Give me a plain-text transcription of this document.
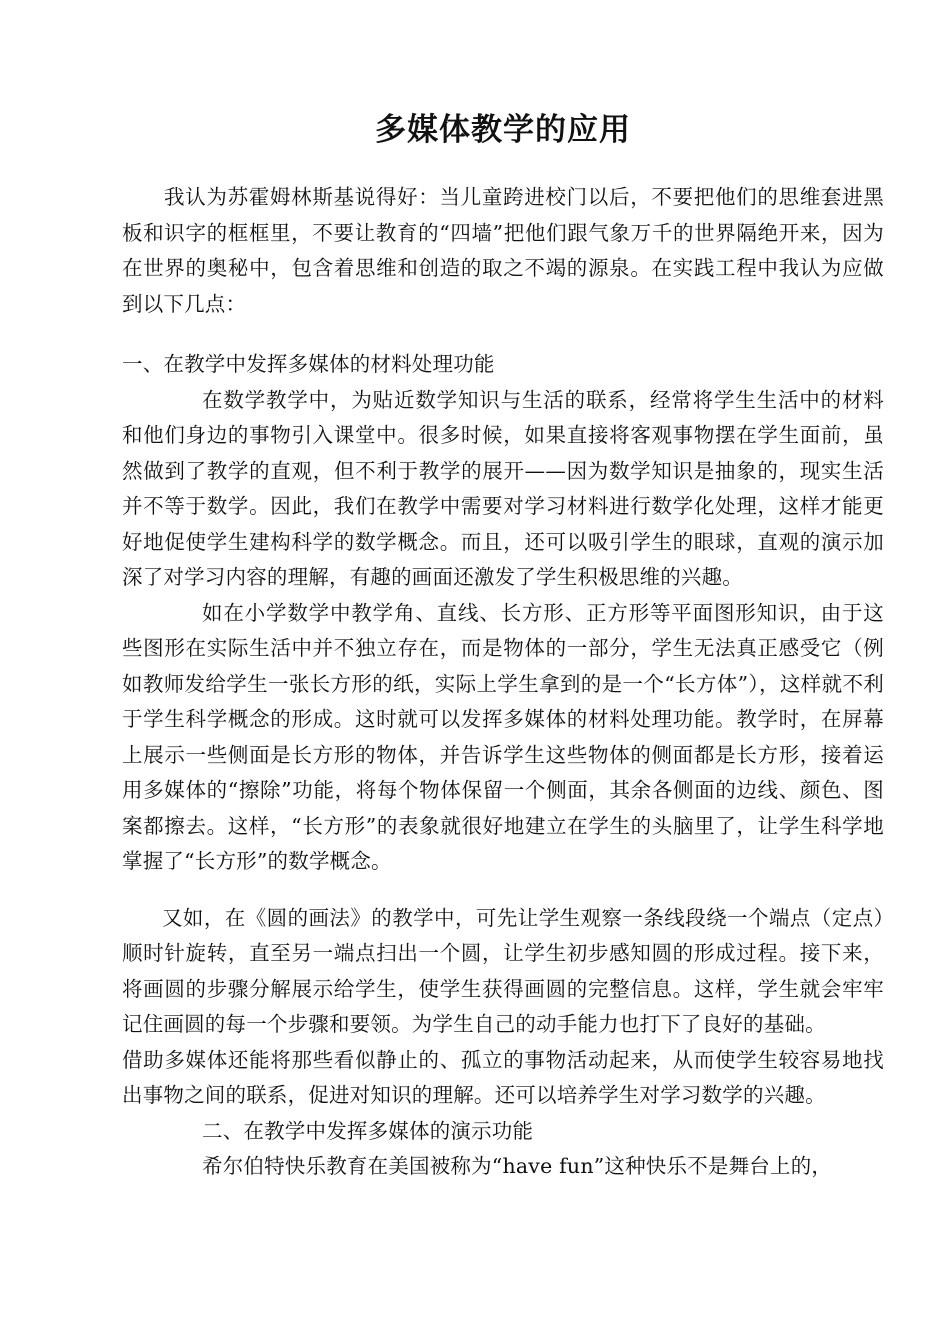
多媒体教学的应用

我认为苏霍姆林斯基说得好：当儿童跨进校门以后，不要把他们的思维套进黑板和识字的框框里，不要让教育的“四墙”把他们跟气象万千的世界隔绝开来，因为在世界的奥秘中，包含着思维和创造的取之不竭的源泉。在实践工程中我认为应做到以下几点：

一、在教学中发挥多媒体的材料处理功能

在数学教学中，为贴近数学知识与生活的联系，经常将学生生活中的材料和他们身边的事物引入课堂中。很多时候，如果直接将客观事物摆在学生面前，虽然做到了教学的直观，但不利于教学的展开——因为数学知识是抽象的，现实生活并不等于数学。因此，我们在教学中需要对学习材料进行数学化处理，这样才能更好地促使学生建构科学的数学概念。而且，还可以吸引学生的眼球，直观的演示加深了对学习内容的理解，有趣的画面还激发了学生积极思维的兴趣。

如在小学数学中教学角、直线、长方形、正方形等平面图形知识，由于这些图形在实际生活中并不独立存在，而是物体的一部分，学生无法真正感受它（例如教师发给学生一张长方形的纸，实际上学生拿到的是一个“长方体”），这样就不利于学生科学概念的形成。这时就可以发挥多媒体的材料处理功能。教学时，在屏幕上展示一些侧面是长方形的物体，并告诉学生这些物体的侧面都是长方形，接着运用多媒体的“擦除”功能，将每个物体保留一个侧面，其余各侧面的边线、颜色、图案都擦去。这样，“长方形”的表象就很好地建立在学生的头脑里了，让学生科学地掌握了“长方形”的数学概念。

又如，在《圆的画法》的教学中，可先让学生观察一条线段绕一个端点（定点）顺时针旋转，直至另一端点扫出一个圆，让学生初步感知圆的形成过程。接下来，将画圆的步骤分解展示给学生，使学生获得画圆的完整信息。这样，学生就会牢牢记住画圆的每一个步骤和要领。为学生自己的动手能力也打下了良好的基础。

借助多媒体还能将那些看似静止的、孤立的事物活动起来，从而使学生较容易地找出事物之间的联系，促进对知识的理解。还可以培养学生对学习数学的兴趣。

二、在教学中发挥多媒体的演示功能

希尔伯特快乐教育在美国被称为“have fun”这种快乐不是舞台上的，
